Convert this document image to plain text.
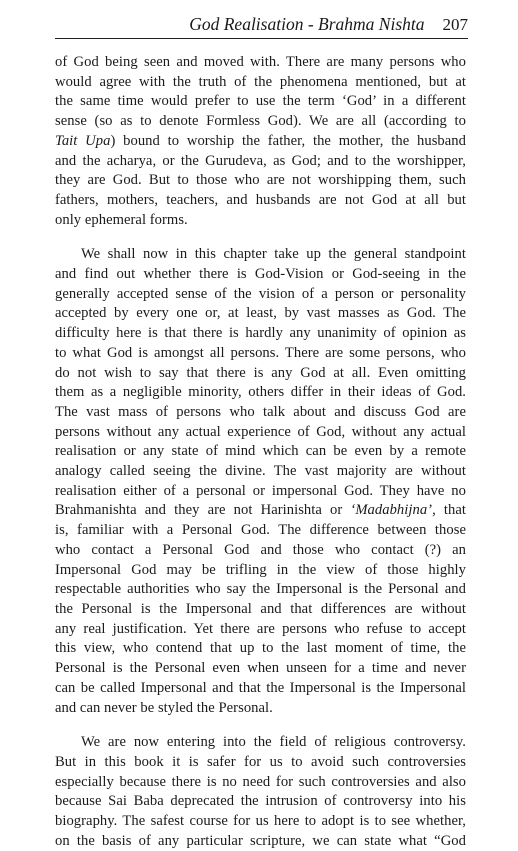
God Realisation - Brahma Nishta 207

of God being seen and moved with. There are many persons who
would agree with the truth of the phenomena mentioned, but at
the same time would prefer to use the term ‘God’ in a different
sense (so as to denote Formless God). We are all (according to
Tait Upa) bound to worship the father, the mother, the husband
and the acharya, or the Gurudeva, as God; and to the worshipper,
they are God. But to those who are not worshipping them, such
fathers, mothers, teachers, and husbands are not God at all but
only ephemeral forms.

We shall now in this chapter take up the general standpoint
and find out whether there is God-Vision or God-seeing in the
generally accepted sense of the vision of a person or personality
accepted by every one or, at least, by vast masses as God. The
difficulty here is that there is hardly any unanimity of opinion as
to what God is amongst all persons. There are some persons, who
do not wish to say that there is any God at all. Even omitting
them as a negligible minority, others differ in their ideas of God.
The vast mass of persons who talk about and discuss God are
persons without any actual experience of God, without any actual
realisation or any state of mind which can be even by a remote
analogy called seeing the divine. The vast majority are without
realisation either of a personal or impersonal God. They have no
Brahmanishta and they are not Harinishta or ‘Madabhijna’, that
is, familiar with a Personal God. The difference between those
who contact a Personal God and those who contact (?) an
Impersonal God may be trifling in the view of those highly
respectable authorities who say the Impersonal is the Personal and
the Personal is the Impersonal and that differences are without
any real justification. Yet there are persons who refuse to accept
this view, who contend that up to the last moment of time, the
Personal is the Personal even when unseen for a time and never
can be called Impersonal and that the Impersonal is the Impersonal
and can never be styled the Personal.

We are now entering into the field of religious controversy.
But in this book it is safer for us to avoid such controversies
especially because there is no need for such controversies and also
because Sai Baba deprecated the intrusion of controversy into his
biography. The safest course for us here to adopt is to see whether,
on the basis of any particular scripture, we can state what “God
